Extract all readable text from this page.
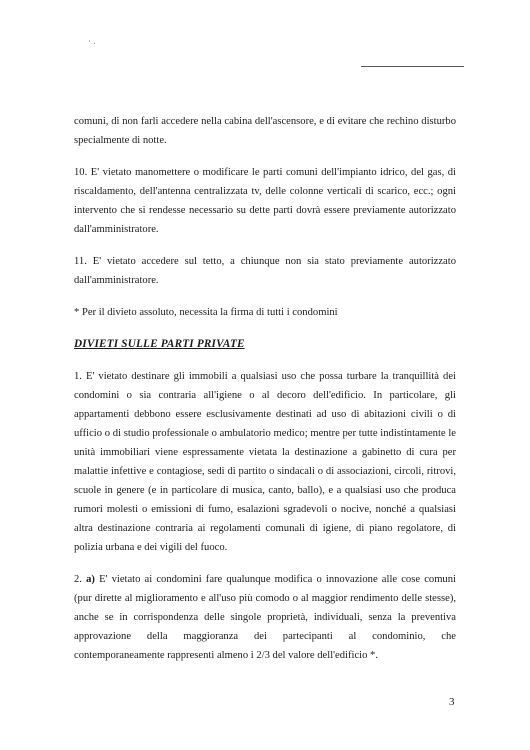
· .

comuni, di non farli accedere nella cabina dell'ascensore, e di evitare che rechino disturbo specialmente di notte.

10. E' vietato manomettere o modificare le parti comuni dell'impianto idrico, del gas, di riscaldamento, dell'antenna centralizzata tv, delle colonne verticali di scarico, ecc.; ogni intervento che si rendesse necessario su dette parti dovrà essere previamente autorizzato dall'amministratore.

11. E' vietato accedere sul tetto, a chiunque non sia stato previamente autorizzato dall'amministratore.

* Per il divieto assoluto, necessita la firma di tutti i condomini

DIVIETI SULLE PARTI PRIVATE

1. E' vietato destinare gli immobili a qualsiasi uso che possa turbare la tranquillità dei condomini o sia contraria all'igiene o al decoro dell'edificio. In particolare, gli appartamenti debbono essere esclusivamente destinati ad uso di abitazioni civili o di ufficio o di studio professionale o ambulatorio medico; mentre per tutte indistintamente le unità immobiliari viene espressamente vietata la destinazione a gabinetto di cura per malattie infettive e contagiose, sedi di partito o sindacali o di associazioni, circoli, ritrovi, scuole in genere (e in particolare di musica, canto, ballo), e a qualsiasi uso che produca rumori molesti o emissioni di fumo, esalazioni sgradevoli o nocive, nonché a qualsiasi altra destinazione contraria ai regolamenti comunali di igiene, di piano regolatore, di polizia urbana e dei vigili del fuoco.

2. a) E' vietato ai condomini fare qualunque modifica o innovazione alle cose comuni (pur dirette al miglioramento e all'uso più comodo o al maggior rendimento delle stesse), anche se in corrispondenza delle singole proprietà, individuali, senza la preventiva approvazione della maggioranza dei partecipanti al condominio, che contemporaneamente rappresenti almeno i 2/3 del valore dell'edificio *.

3
